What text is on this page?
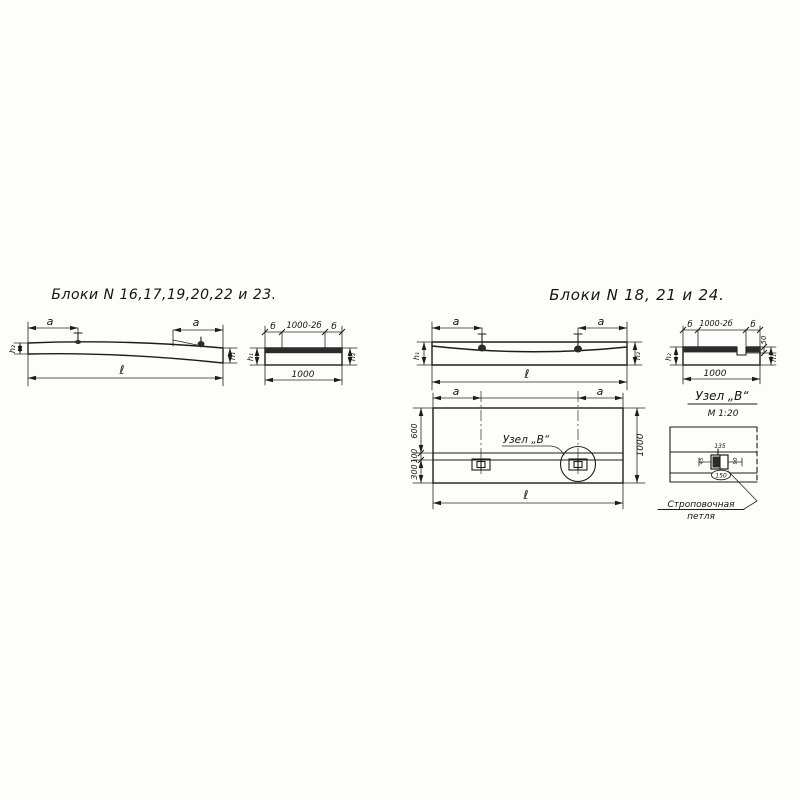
Блоки N 16,17,19,20,22 и 23.	Блоки N 18, 21 и 24.
a	a
ℓ
h₂
h₁
б 1000-2б б
1000
h₁	h₂
a	a
ℓ
h₁	h₂
б 1000-2б б
1000
h₂
50
h₁
Узел „В“
a	a
600
100
300
1000
ℓ
Узел „В“
М 1:20
135
45	90
150
Строповочная
петля
